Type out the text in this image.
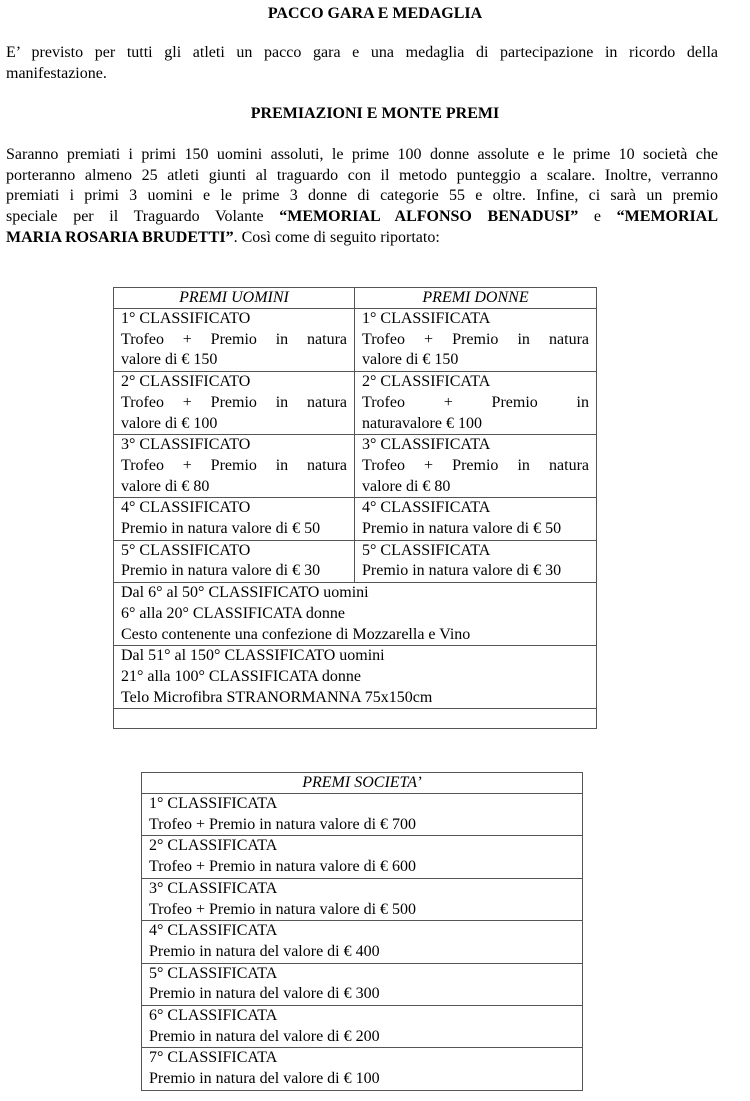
PACCO GARA E MEDAGLIA

E’ previsto per tutti gli atleti un pacco gara e una medaglia di partecipazione in ricordo della
manifestazione.

PREMIAZIONI E MONTE PREMI

Saranno premiati i primi 150 uomini assoluti, le prime 100 donne assolute e le prime 10 società che
porteranno almeno 25 atleti giunti al traguardo con il metodo punteggio a scalare. Inoltre, verranno
premiati i primi 3 uomini e le prime 3 donne di categorie 55 e oltre. Infine, ci sarà un premio
speciale per il Traguardo Volante “MEMORIAL ALFONSO BENADUSI” e “MEMORIAL
MARIA ROSARIA BRUDETTI”. Così come di seguito riportato:

PREMI UOMINI	PREMI DONNE

1° CLASSIFICATO
Trofeo + Premio in natura
valore di € 150	1° CLASSIFICATA
Trofeo + Premio in natura
valore di € 150

2° CLASSIFICATO
Trofeo + Premio in natura
valore di € 100	2° CLASSIFICATA
Trofeo + Premio in
naturavalore € 100

3° CLASSIFICATO
Trofeo + Premio in natura
valore di € 80	3° CLASSIFICATA
Trofeo + Premio in natura
valore di € 80

4° CLASSIFICATO
Premio in natura valore di € 50	4° CLASSIFICATA
Premio in natura valore di € 50

5° CLASSIFICATO
Premio in natura valore di € 30	5° CLASSIFICATA
Premio in natura valore di € 30

Dal 6° al 50° CLASSIFICATO uomini
6° alla 20° CLASSIFICATA donne
Cesto contenente una confezione di Mozzarella e Vino	

Dal 51° al 150° CLASSIFICATO uomini
21° alla 100° CLASSIFICATA donne
Telo Microfibra STRANORMANNA 75x150cm	

PREMI SOCIETA’

1° CLASSIFICATA
Trofeo + Premio in natura valore di € 700

2° CLASSIFICATA
Trofeo + Premio in natura valore di € 600

3° CLASSIFICATA
Trofeo + Premio in natura valore di € 500

4° CLASSIFICATA
Premio in natura del valore di € 400

5° CLASSIFICATA
Premio in natura del valore di € 300

6° CLASSIFICATA
Premio in natura del valore di € 200

7° CLASSIFICATA
Premio in natura del valore di € 100
